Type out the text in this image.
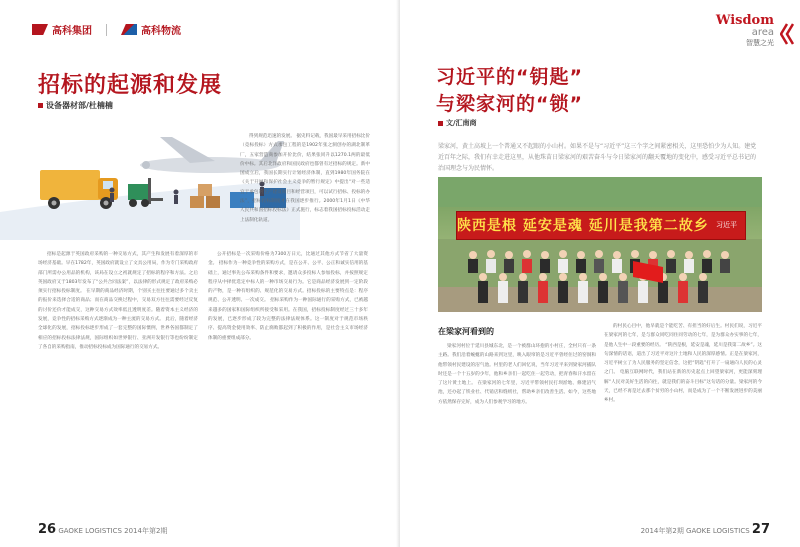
高科集团	高科物流
招标的起源和发展
设备器材部/杜楠楠

得到规范迅速的发展。 据史料记载，我国最早采用招标比价（竞标投标）方式承包工程的是1902年张之洞创办的湖北制革厂，五家营造商参加开价比价，结果张同升以1270.1两的最低价中标。其后北洋政府和国民政府也都曾有过招标的规定。新中国成立后，我国长期实行计划经济体制，直到1980年国务院在《关于开展和保护社会主义竞争的暂行规定》中提出“对一些适宜于承包的生产建设项目和经营项目，可以试行招标、投标的办法”，招标投标制度才在我国逐步推行。2000年1月1日《中华人民共和国招标投标法》正式施行，标志着我国招标投标活动走上法制化轨道。

招标是起源于英国政府采购的一种交易方式，其产生和发展有着深厚的市场经济基础。早在1782年，英国政府就设立了文具公用局，作为专门采购政府部门所需办公用品的机构，该局在设立之初就规定了招标的程序和方法。之后英国政府又于1803年发布了“公共合同法案”，以法律的形式规定了政府采购必须实行招标投标制度。 在早期的商品经济时期，个别买主往往要通过多个卖主的报价来选择合适的商品；而在商品交换过程中，交易双方往往需要经过反复的讨价还价才能成交，这种交易方式效率低且透明度差。随着资本主义经济的发展，竞争性的招标采购方式逐渐成为一种主流的交易方式。 此后，随着经济全球化的发展，招标投标逐步形成了一套完整的国际惯例，世界各国都制定了相应的招标投标法律法规，国际组织如世界银行、亚洲开发银行等也纷纷制定了各自的采购指南，推动招标投标成为国际通行的交易方式。

公开招标是一次采购价格为7300万日元，比通过其他方式节省了大量资金。 招标作为一种竞争性的采购方式，是在公开、公平、公正和诚实信用的基础上，通过事先公布采购条件和要求，邀请众多投标人参加投标，并按照规定程序从中择优选定中标人的一种市场交易行为。它是商品经济发展到一定阶段的产物，是一种有组织的、规范化的交易方式。招标投标的主要特点是：程序规范、公开透明、一次成交。 招标采购作为一种国际通行的采购方式，已被越来越多的国家和国际组织所接受和采用。在我国，招标投标制度经过三十多年的发展，已逐步形成了较为完整的法律法规体系。这一制度对于规范市场秩序、提高资金使用效率、防止腐败都起到了积极的作用，是社会主义市场经济体制的重要组成部分。

26 GAOKE LOGISTICS 2014年第2期
Wisdom
area
智慧之光
习近平的“钥匙”
与梁家河的“锁”
文/汇南商
梁家河，黄土高坡上一个普通又不起眼的小山村。如果不是与“习近平”这三个字之间紧密相关，这里恐怕少为人知。建党近百年之际，我们有幸走进这里，从他珠苗日梁家河的艰苦奋斗与今日梁家河的翻天覆地的变化中，感受习近平总书记的治国理念与为民情怀。
陕西是根 延安是魂 延川是我第二故乡 习近平
在梁家河看到的

梁家河村位于延川县城东北，是一个被群山环抱的小村庄，全村只有一条主路。我们沿着蜿蜒的山路来到这里，映入眼帘的是习近平曾经住过的窑洞和他带领村民建设的沼气池。村里的老人们回忆说，当年习近平来到梁家河插队时还是一个十五岁的少年，他和乡亲们一起吃住一起劳动，把青春和汗水留在了这片黄土地上。 在梁家河的七年里，习近平带领村民打坝淤地、修建沼气池，还办起了铁业社、代销店和缝纫社，帮助乡亲们改善生活。如今，这些地方依然保存完好，成为人们参观学习的地方。

的村民心目中，他早就是个能吃苦、有担当的好后生。村民们说，习近平在梁家河的七年，是与群众同吃同住同劳动的七年，是为群众办实事的七年，是他人生中一段重要的经历。 “陕西是根，延安是魂，延川是我第二故乡”。这句深情的话语，道出了习近平对这片土地和人民的深厚感情。正是在梁家河，习近平树立了为人民服务的坚定信念，这把“钥匙”打开了一扇通向人民的心灵之门。 电脑互联网时代，我们站在新的历史起点上回望梁家河，更能深刻理解“人民对美好生活的向往，就是我们的奋斗目标”这句话的分量。梁家河的今天，已经不再是过去那个贫穷的小山村，而是成为了一个不断发展进步的美丽乡村。

2014年第2期 GAOKE LOGISTICS 27
